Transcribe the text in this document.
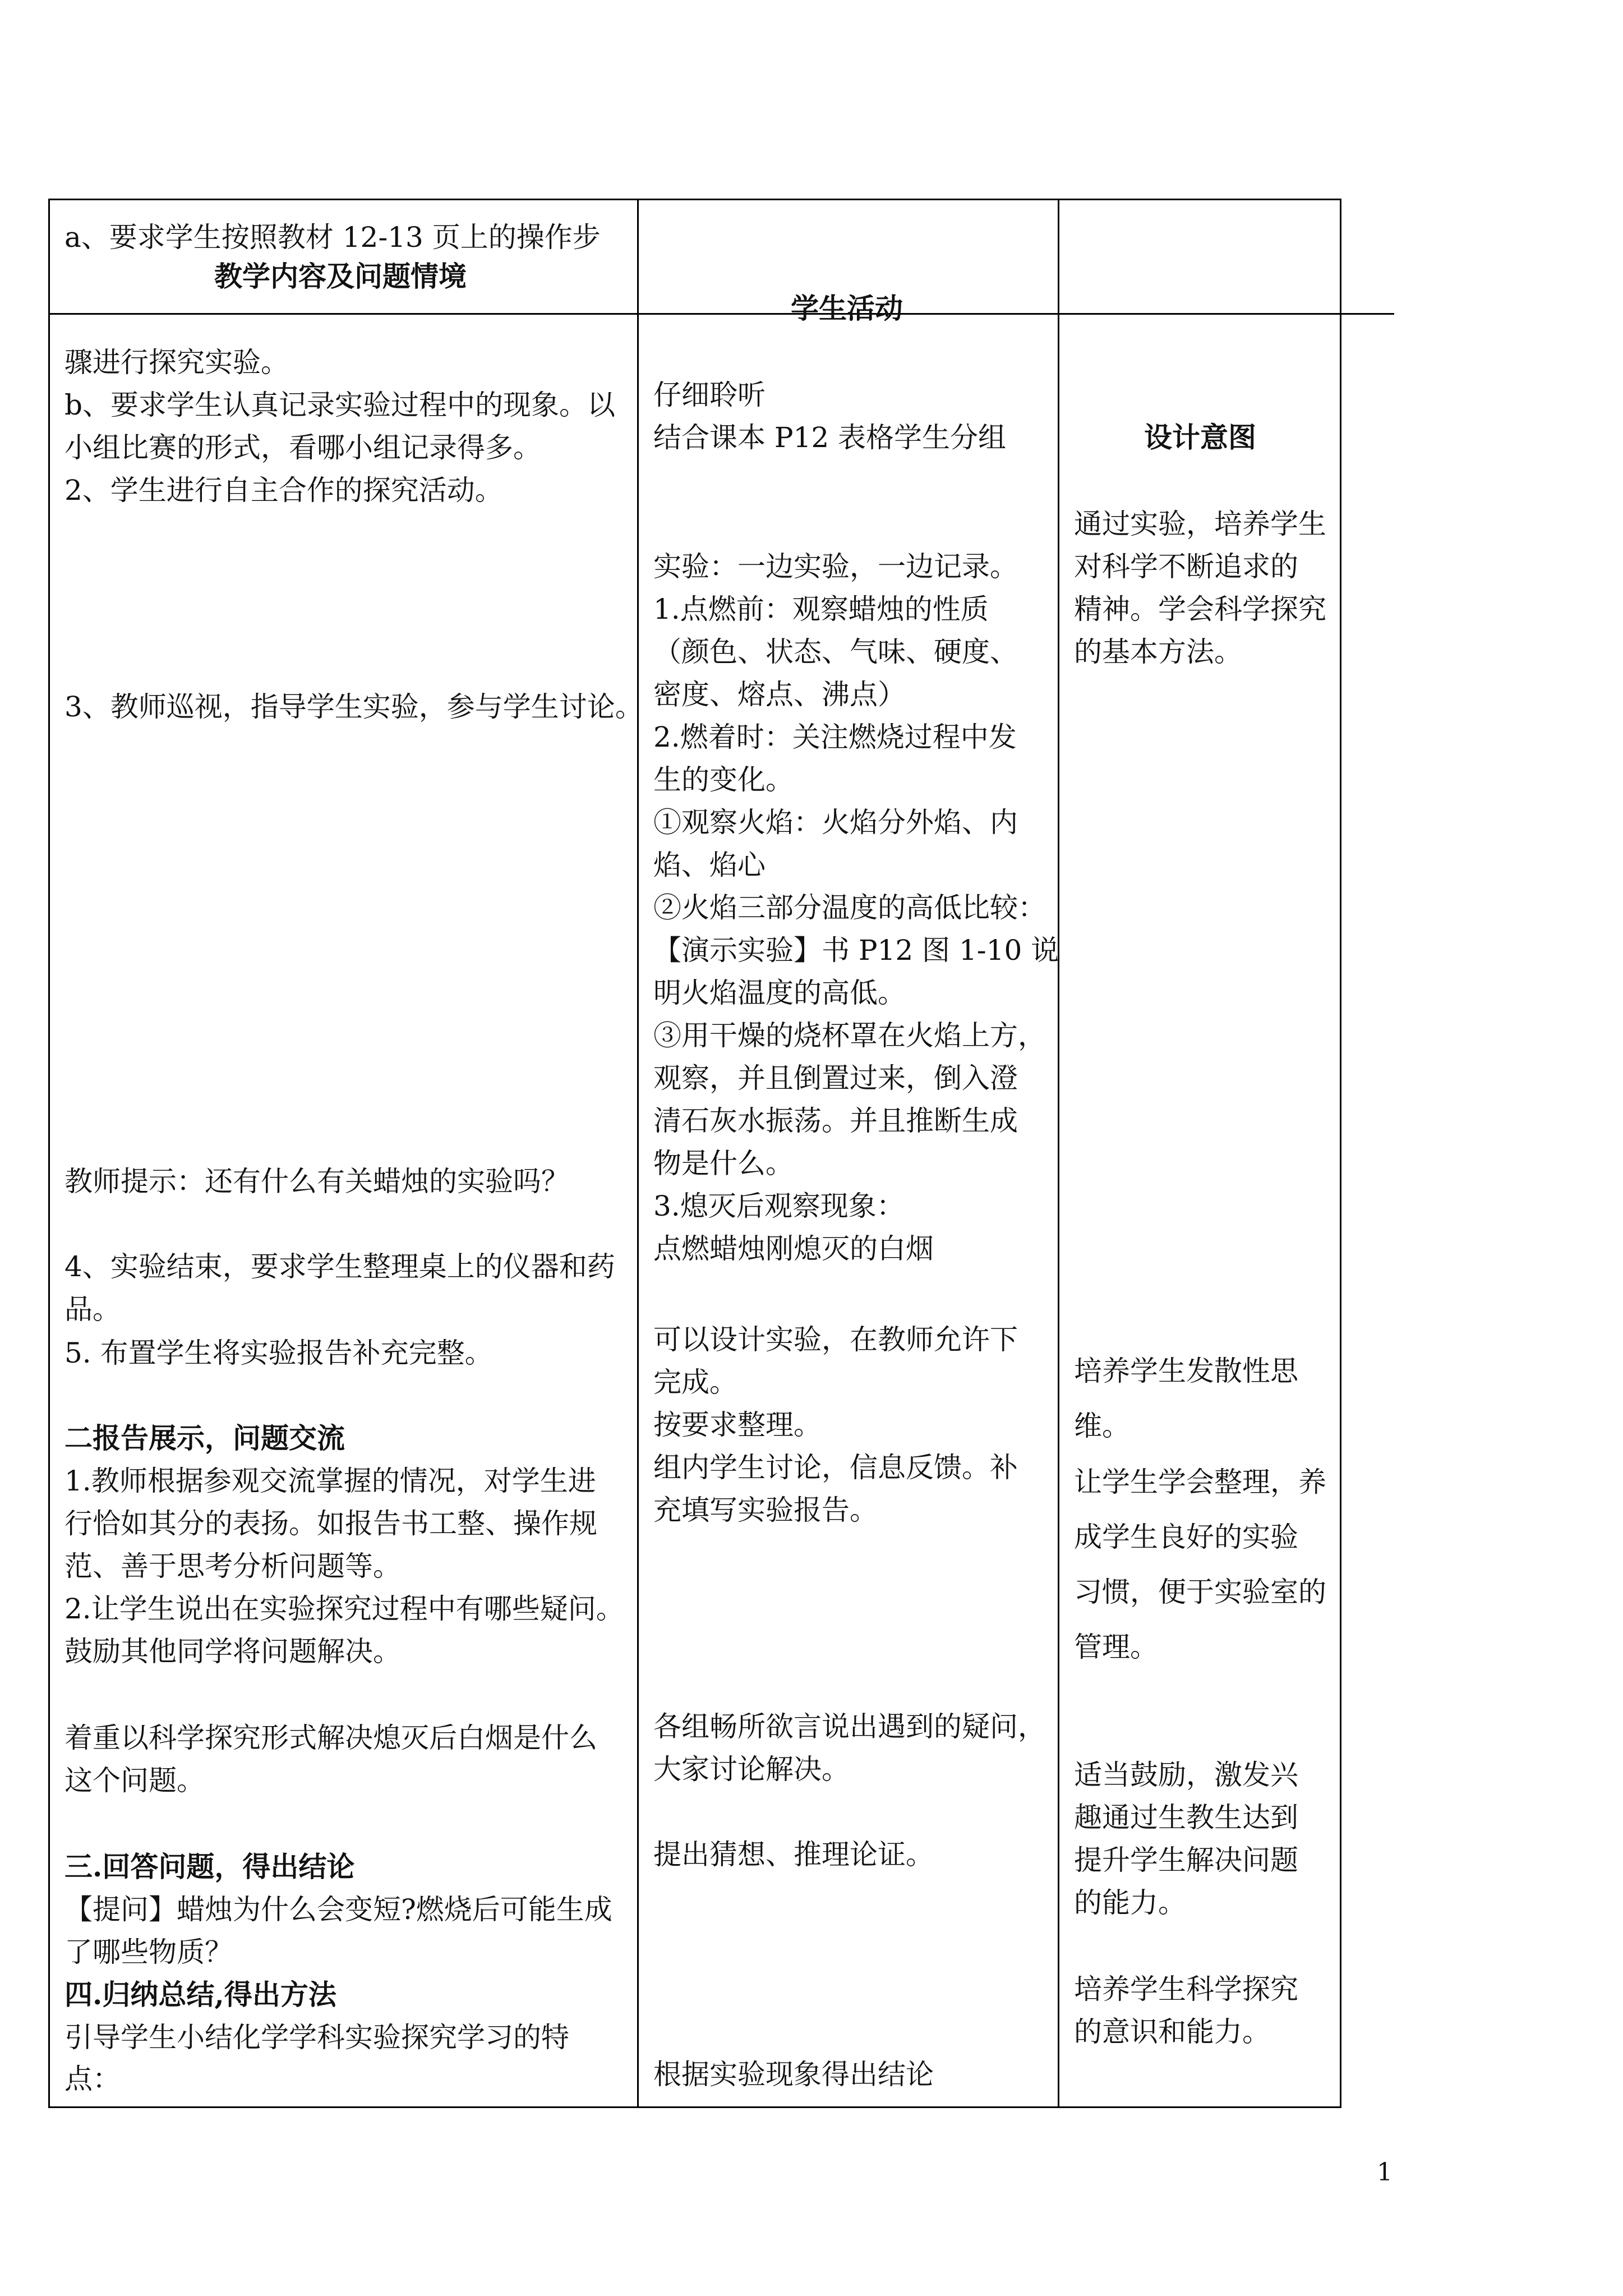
a、要求学生按照教材 12-13 页上的操作步
教学内容及问题情境
学生活动
骤进行探究实验。
b、要求学生认真记录实验过程中的现象。以
小组比赛的形式，看哪小组记录得多。
2、学生进行自主合作的探究活动。
3、教师巡视，指导学生实验，参与学生讨论。
教师提示：还有什么有关蜡烛的实验吗？
4、实验结束，要求学生整理桌上的仪器和药
品。
5. 布置学生将实验报告补充完整。
二报告展示，问题交流
1.教师根据参观交流掌握的情况，对学生进
行恰如其分的表扬。如报告书工整、操作规
范、善于思考分析问题等。
2.让学生说出在实验探究过程中有哪些疑问。
鼓励其他同学将问题解决。
着重以科学探究形式解决熄灭后白烟是什么
这个问题。
三.回答问题，得出结论
【提问】蜡烛为什么会变短?燃烧后可能生成
了哪些物质？
四.归纳总结,得出方法
引导学生小结化学学科实验探究学习的特
点：
仔细聆听
结合课本 P12 表格学生分组
实验：一边实验，一边记录。
1.点燃前：观察蜡烛的性质
（颜色、状态、气味、硬度、
密度、熔点、沸点）
2.燃着时：关注燃烧过程中发
生的变化。
①观察火焰：火焰分外焰、内
焰、焰心
②火焰三部分温度的高低比较：
【演示实验】书 P12 图 1-10 说
明火焰温度的高低。
③用干燥的烧杯罩在火焰上方，
观察，并且倒置过来，倒入澄
清石灰水振荡。并且推断生成
物是什么。
3.熄灭后观察现象：
点燃蜡烛刚熄灭的白烟
可以设计实验，在教师允许下
完成。
按要求整理。
组内学生讨论，信息反馈。补
充填写实验报告。
各组畅所欲言说出遇到的疑问，
大家讨论解决。
提出猜想、推理论证。
根据实验现象得出结论
设计意图
通过实验，培养学生
对科学不断追求的
精神。学会科学探究
的基本方法。
培养学生发散性思
维。
让学生学会整理，养
成学生良好的实验
习惯，便于实验室的
管理。
适当鼓励，激发兴
趣通过生教生达到
提升学生解决问题
的能力。
培养学生科学探究
的意识和能力。
1
